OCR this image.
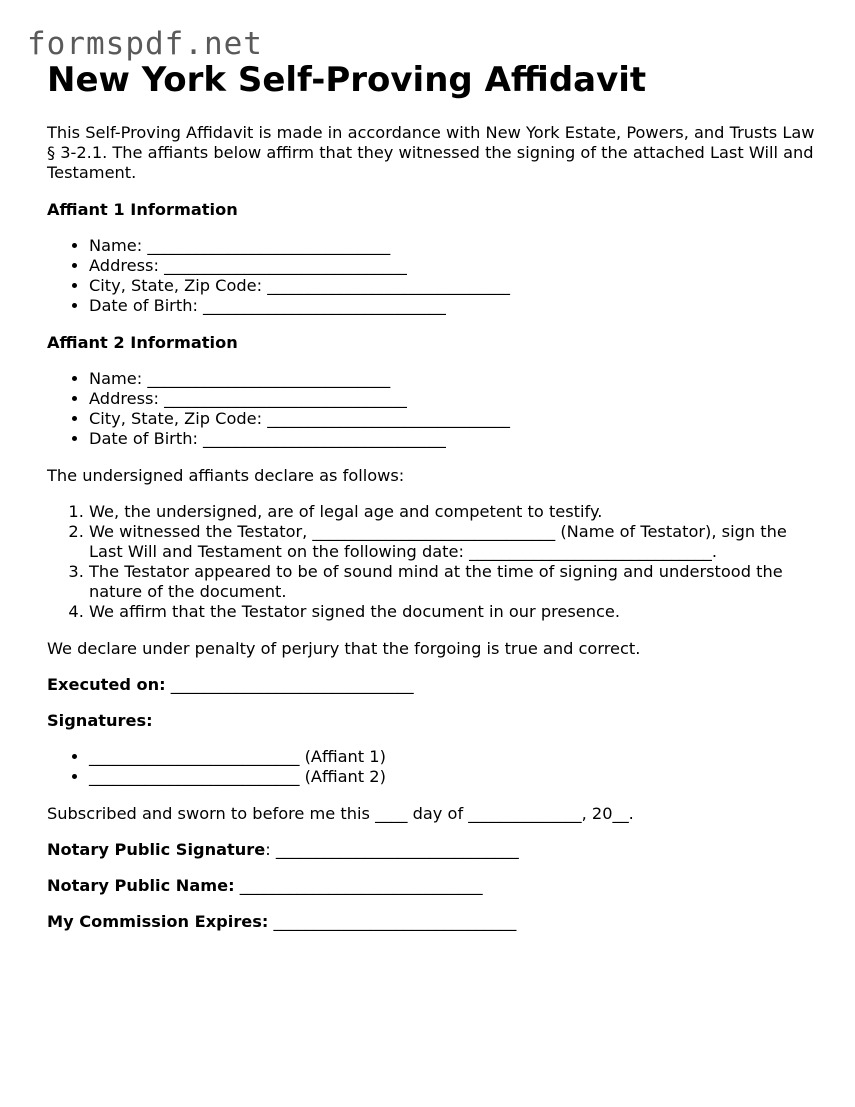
formspdf.net
New York Self-Proving Affidavit

This Self-Proving Affidavit is made in accordance with New York Estate, Powers, and Trusts Law § 3-2.1. The affiants below affirm that they witnessed the signing of the attached Last Will and Testament.

Affiant 1 Information

• Name: ______________________________
• Address: ______________________________
• City, State, Zip Code: ______________________________
• Date of Birth: ______________________________

Affiant 2 Information

• Name: ______________________________
• Address: ______________________________
• City, State, Zip Code: ______________________________
• Date of Birth: ______________________________

The undersigned affiants declare as follows:

1. We, the undersigned, are of legal age and competent to testify.
2. We witnessed the Testator, ______________________________ (Name of Testator), sign the Last Will and Testament on the following date: ______________________________.
3. The Testator appeared to be of sound mind at the time of signing and understood the nature of the document.
4. We affirm that the Testator signed the document in our presence.

We declare under penalty of perjury that the forgoing is true and correct.

Executed on: ______________________________

Signatures:

• __________________________ (Affiant 1)
• __________________________ (Affiant 2)

Subscribed and sworn to before me this ____ day of ______________, 20__.

Notary Public Signature: ______________________________

Notary Public Name: ______________________________

My Commission Expires: ______________________________
